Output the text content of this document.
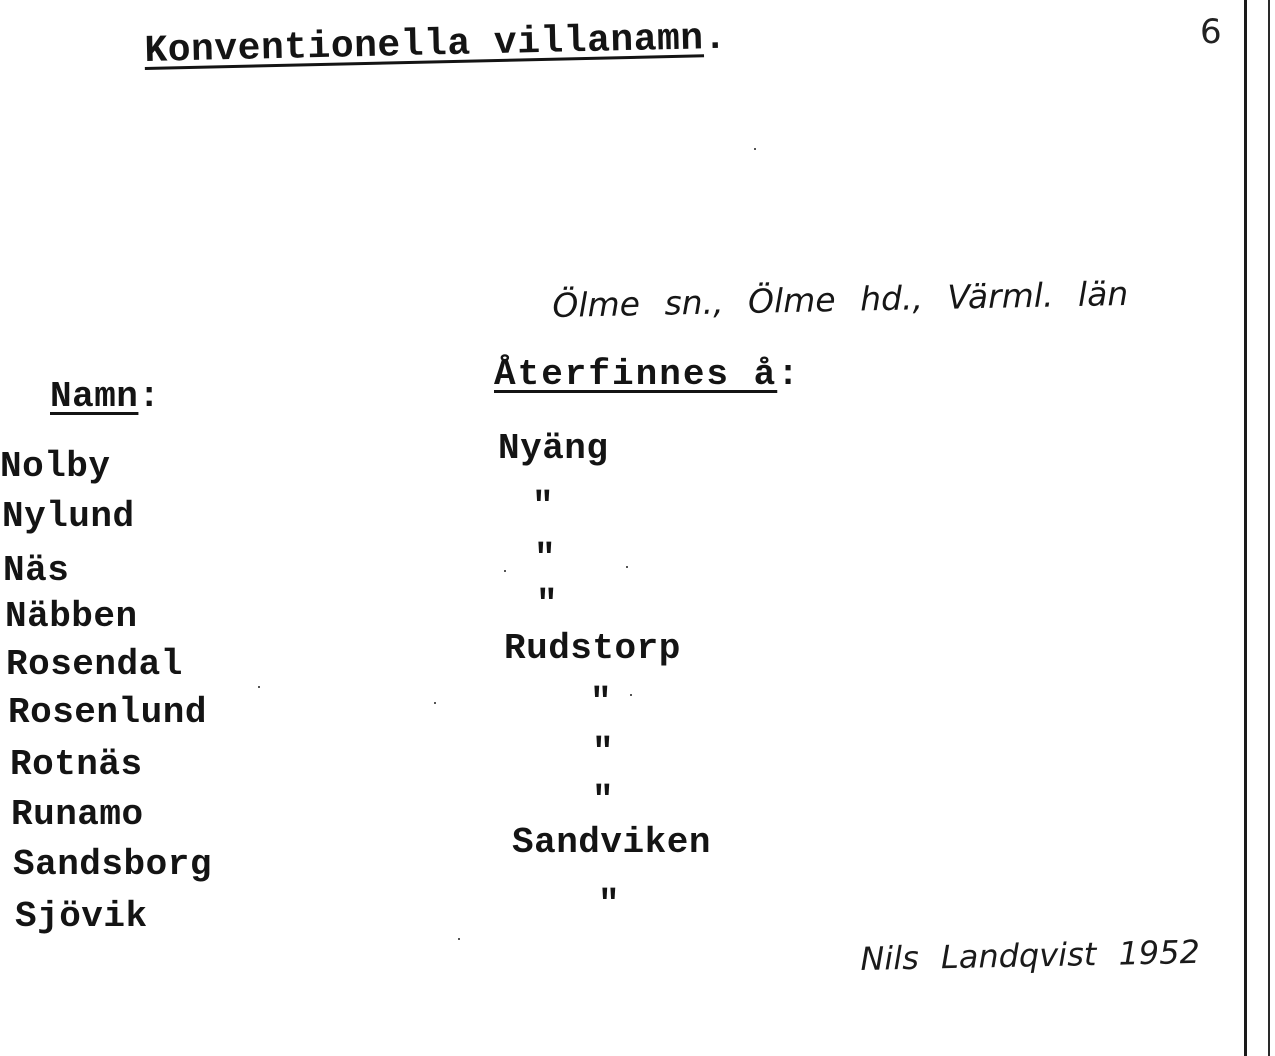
6
Konventionella villanamn.
Ölme sn., Ölme hd., Värml. län
Namn:
Återfinnes å:
Nolby
Nylund
Näs
Näbben
Rosendal
Rosenlund
Rotnäs
Runamo
Sandsborg
Sjövik
Nyäng
"
"
"
Rudstorp
"
"
"
Sandviken
"
Nils Landqvist 1952
